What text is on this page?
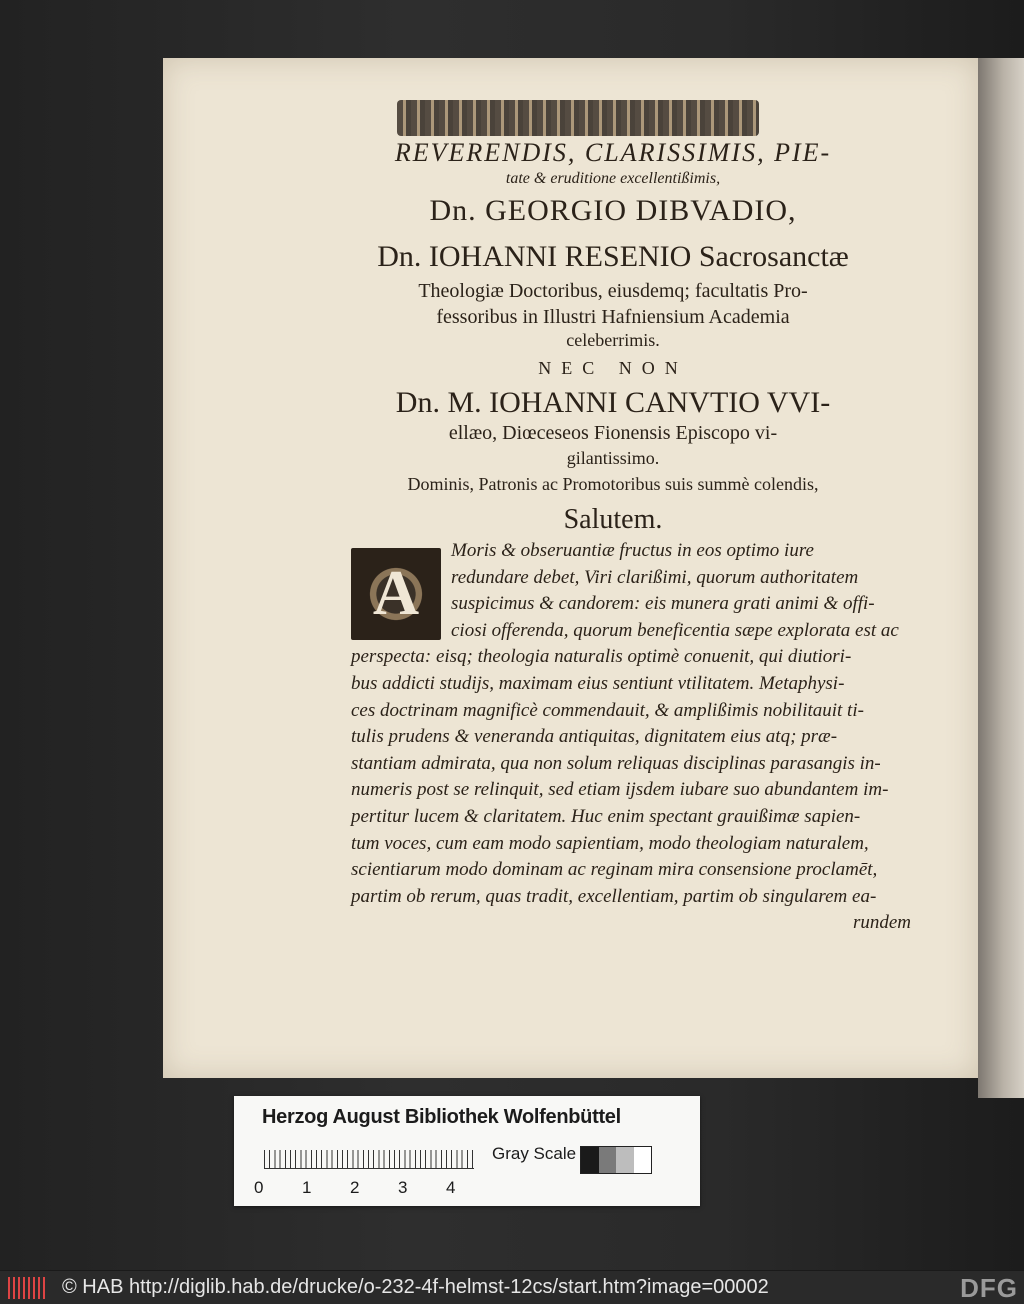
REVERENDIS, CLARISSIMIS, PIE-
tate & eruditione excellentißimis,
Dn. GEORGIO DIBVADIO,
Dn. IOHANNI RESENIO Sacrosanctæ
Theologiæ Doctoribus, eiusdemq; facultatis Pro-
fessoribus in Illustri Hafniensium Academia
celeberrimis.
NEC NON
Dn. M. IOHANNI CANVTIO VVI-
ellæo, Diœceseos Fionensis Episcopo vi-
gilantissimo.
Dominis, Patronis ac Promotoribus suis summè colendis,
Salutem.
Moris & obseruantiæ fructus in eos optimo iure
redundare debet, Viri clarißimi, quorum authoritatem
suspicimus & candorem: eis munera grati animi & offi-
ciosi offerenda, quorum beneficentia sæpe explorata est ac
perspecta: eisq; theologia naturalis optimè conuenit, qui diutiori-
bus addicti studijs, maximam eius sentiunt vtilitatem. Metaphysi-
ces doctrinam magnificè commendauit, & amplißimis nobilitauit ti-
tulis prudens & veneranda antiquitas, dignitatem eius atq; præ-
stantiam admirata, qua non solum reliquas disciplinas parasangis in-
numeris post se relinquit, sed etiam ijsdem iubare suo abundantem im-
pertitur lucem & claritatem. Huc enim spectant grauißimæ sapien-
tum voces, cum eam modo sapientiam, modo theologiam naturalem,
scientiarum modo dominam ac reginam mira consensione proclamēt,
partim ob rerum, quas tradit, excellentiam, partim ob singularem ea-
rundem
A
Herzog August Bibliothek Wolfenbüttel
0	1	2	3	4
Gray Scale
© HAB http://diglib.hab.de/drucke/o-232-4f-helmst-12cs/start.htm?image=00002	DFG
